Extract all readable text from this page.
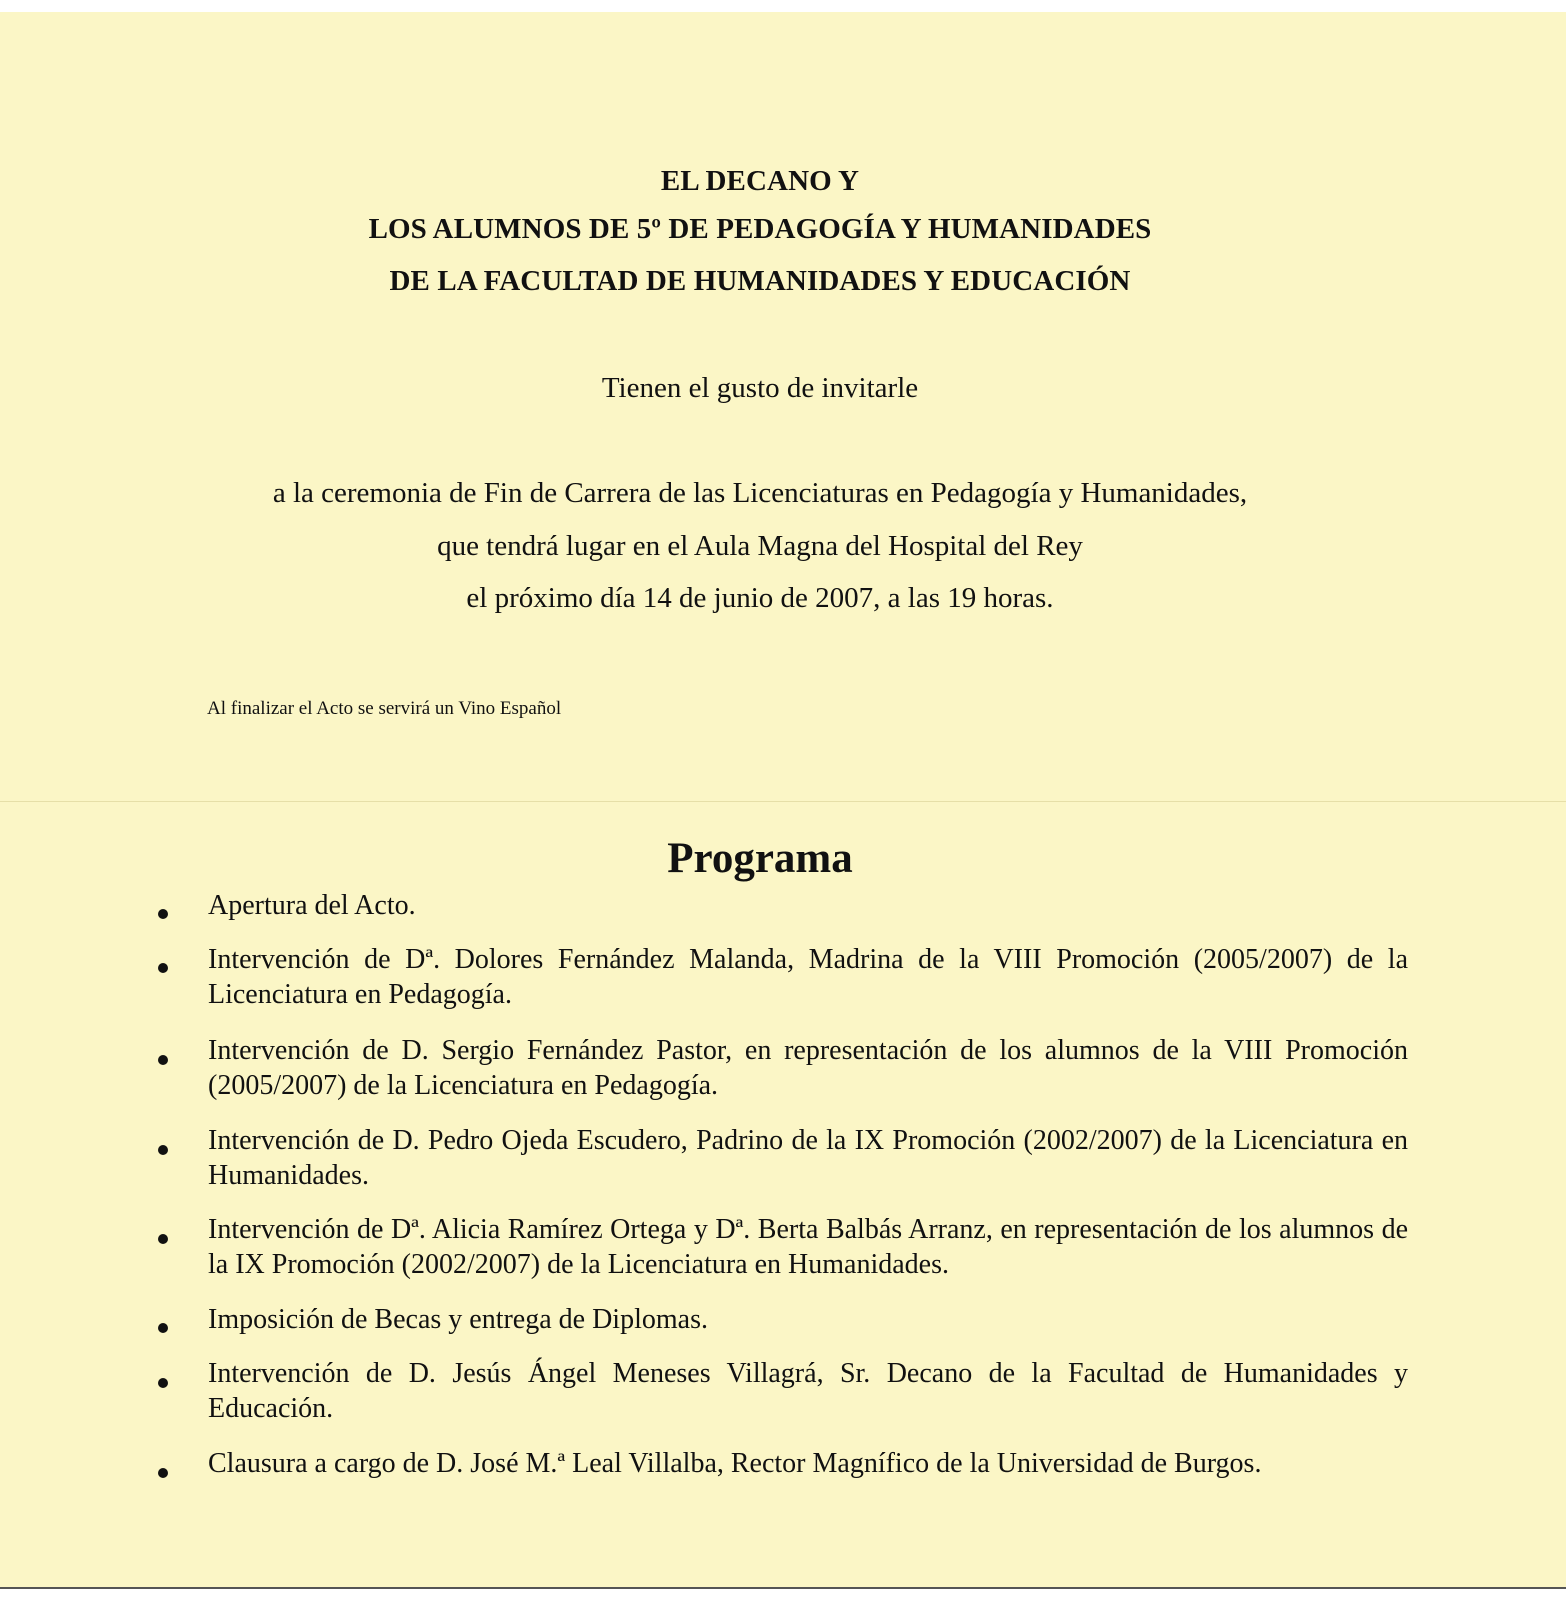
EL DECANO Y
LOS ALUMNOS DE 5º DE PEDAGOGÍA Y HUMANIDADES
DE LA FACULTAD DE HUMANIDADES Y EDUCACIÓN
Tienen el gusto de invitarle
a la ceremonia de Fin de Carrera de las Licenciaturas en Pedagogía y Humanidades,
que tendrá lugar en el Aula Magna del Hospital del Rey
el próximo día 14 de junio de 2007, a las 19 horas.
Al finalizar el Acto se servirá un Vino Español
Programa
Apertura del Acto.
Intervención de Dª. Dolores Fernández Malanda, Madrina de la VIII Promoción (2005/2007) de la Licenciatura en Pedagogía.
Intervención de D. Sergio Fernández Pastor, en representación de los alumnos de la VIII Promoción (2005/2007) de la Licenciatura en Pedagogía.
Intervención de D. Pedro Ojeda Escudero, Padrino de la IX Promoción (2002/2007) de la Licenciatura en Humanidades.
Intervención de Dª. Alicia Ramírez Ortega y Dª. Berta Balbás Arranz, en representación de los alumnos de la IX Promoción (2002/2007) de la Licenciatura en Humanidades.
Imposición de Becas y entrega de Diplomas.
Intervención de D. Jesús Ángel Meneses Villagrá, Sr. Decano de la Facultad de Humanidades y Educación.
Clausura a cargo de D. José M.ª Leal Villalba, Rector Magnífico de la Universidad de Burgos.
